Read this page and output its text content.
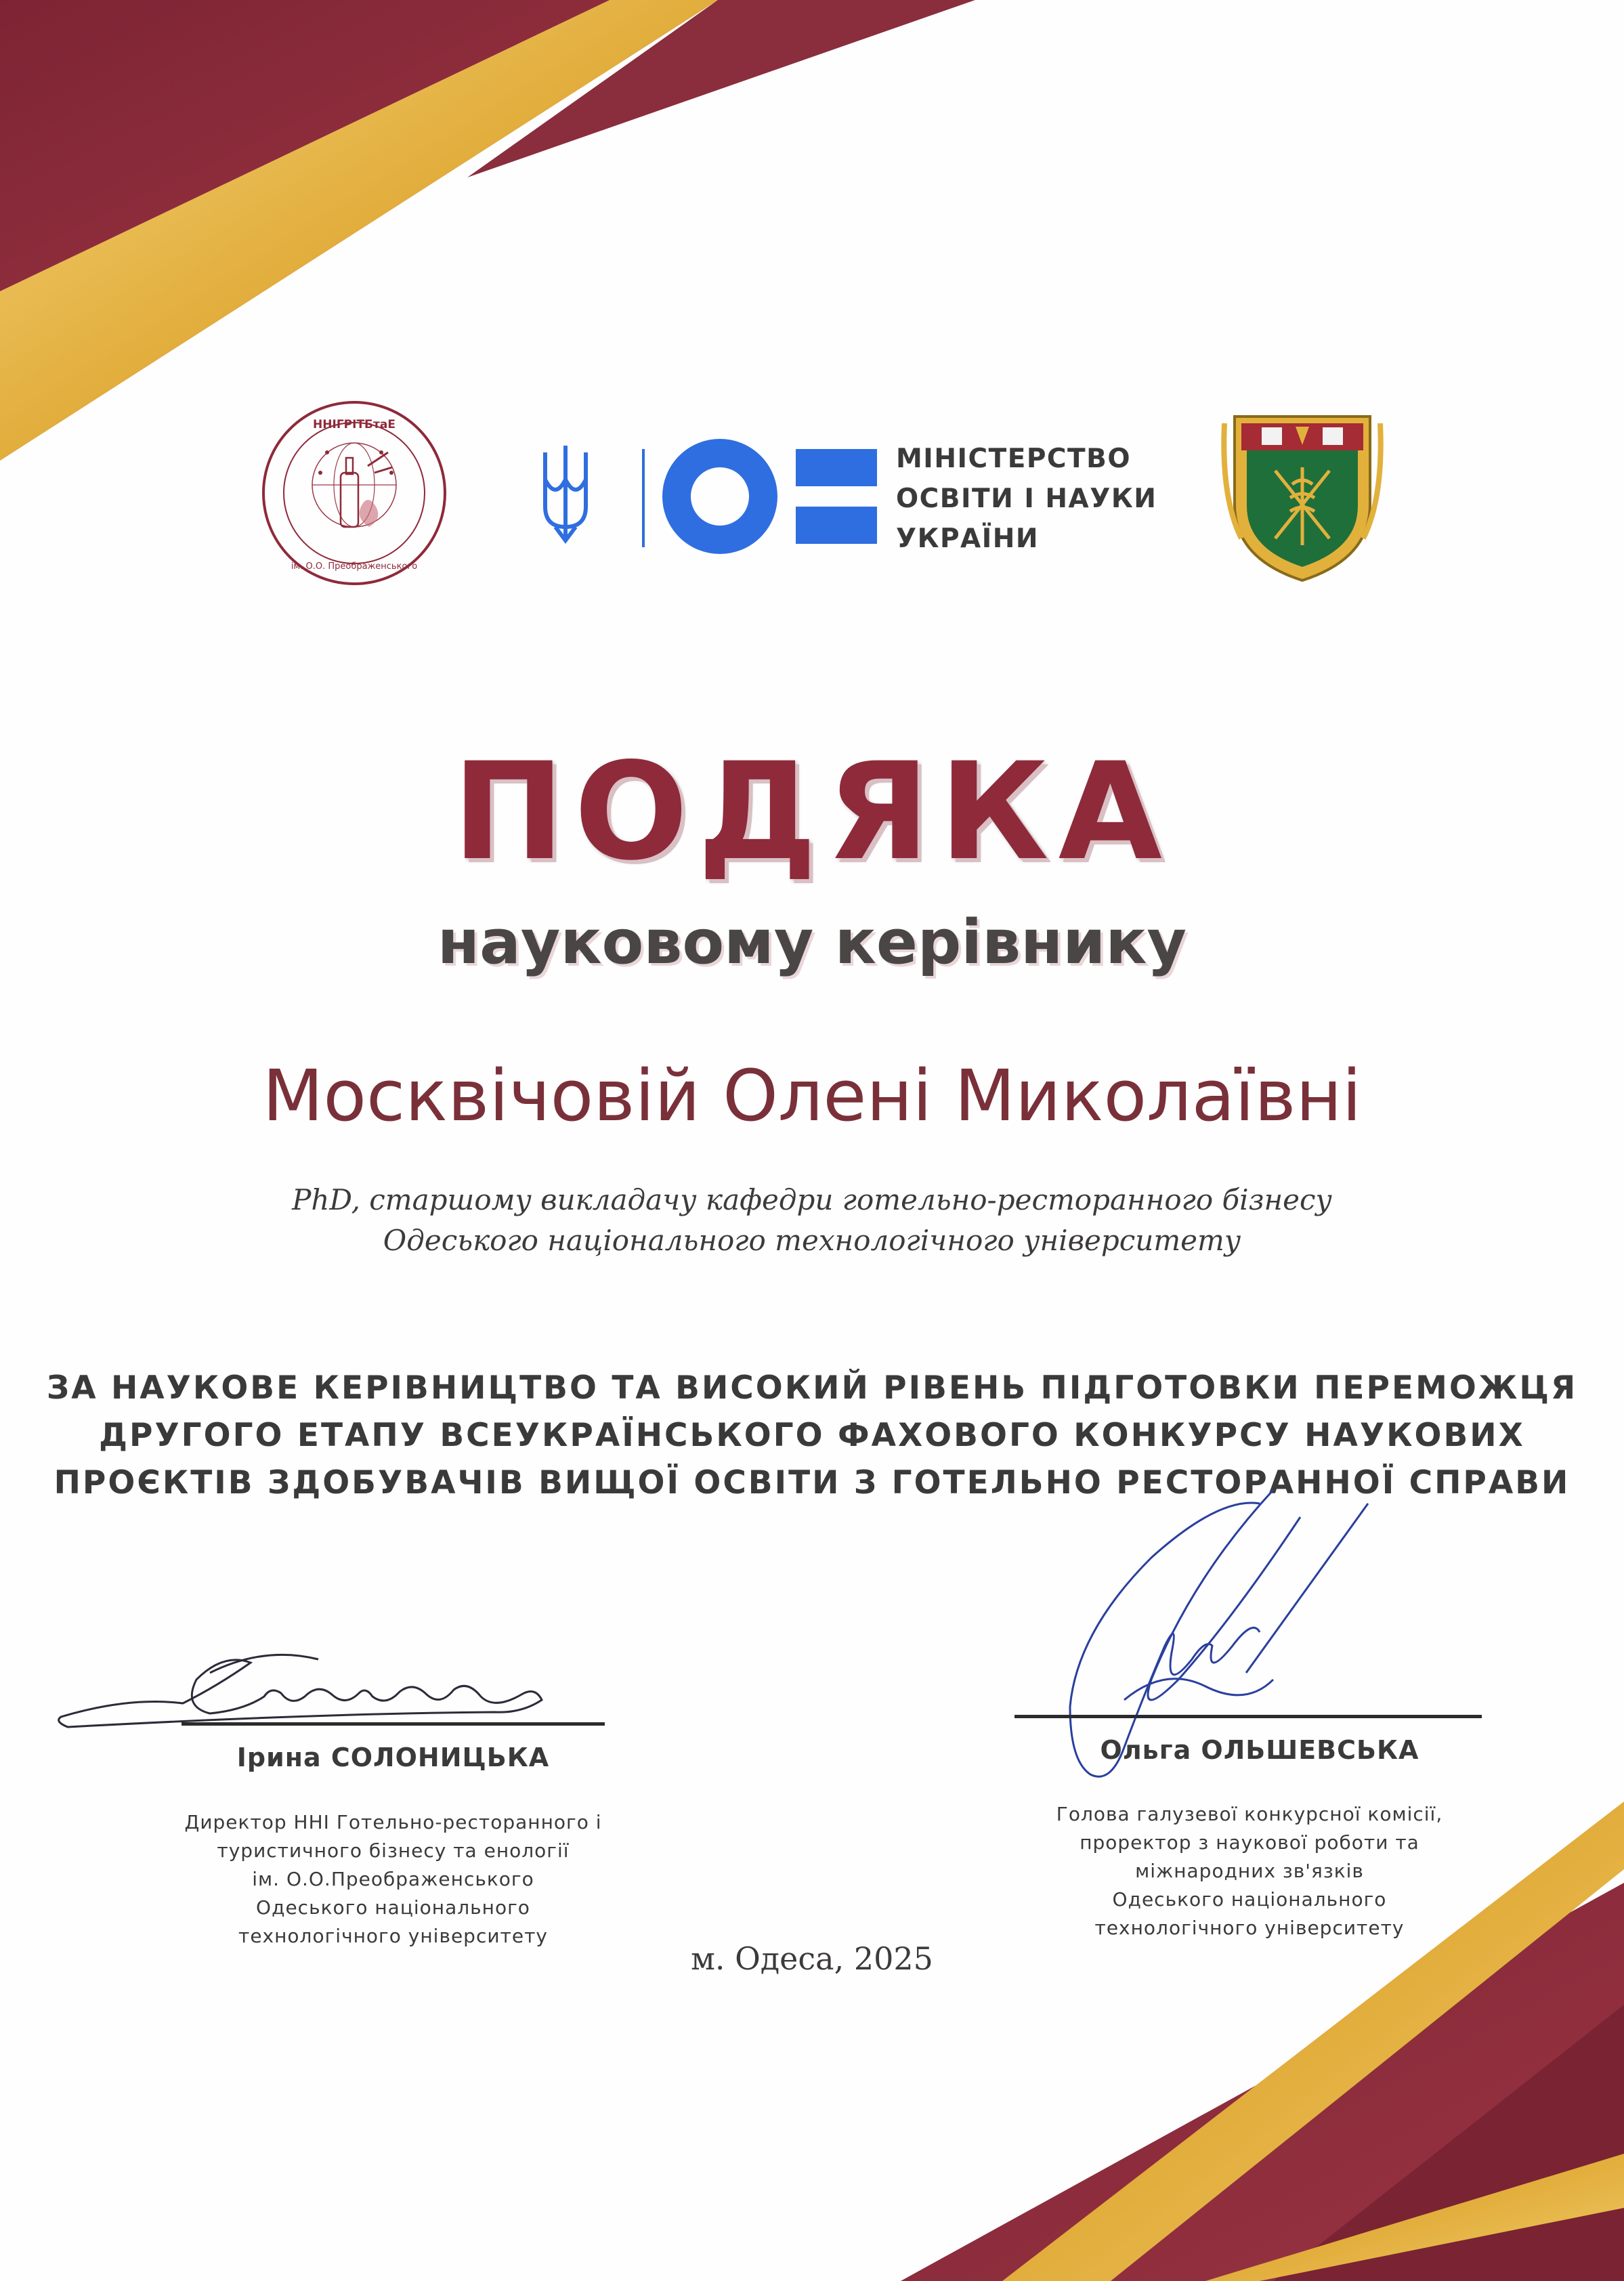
ННІГРІТБтаЕ
ім. О.О. Преображенського
МІНІСТЕРСТВО
ОСВІТИ І НАУКИ
УКРАЇНИ
ПОДЯКА
науковому керівнику
Москвічовій Олені Миколаївні
PhD, старшому викладачу кафедри готельно-ресторанного бізнесу
Одеського національного технологічного університету
ЗА НАУКОВЕ КЕРІВНИЦТВО ТА ВИСОКИЙ РІВЕНЬ ПІДГОТОВКИ ПЕРЕМОЖЦЯ
ДРУГОГО ЕТАПУ ВСЕУКРАЇНСЬКОГО ФАХОВОГО КОНКУРСУ НАУКОВИХ
ПРОЄКТІВ ЗДОБУВАЧІВ ВИЩОЇ ОСВІТИ З ГОТЕЛЬНО РЕСТОРАННОЇ СПРАВИ
Ірина СОЛОНИЦЬКА
Директор ННІ Готельно-ресторанного і
туристичного бізнесу та енології
ім. О.О.Преображенського
Одеського національного
технологічного університету
Ольга ОЛЬШЕВСЬКА
Голова галузевої конкурсної комісії,
проректор з наукової роботи та
міжнародних зв'язків
Одеського національного
технологічного університету
м. Одеса, 2025
